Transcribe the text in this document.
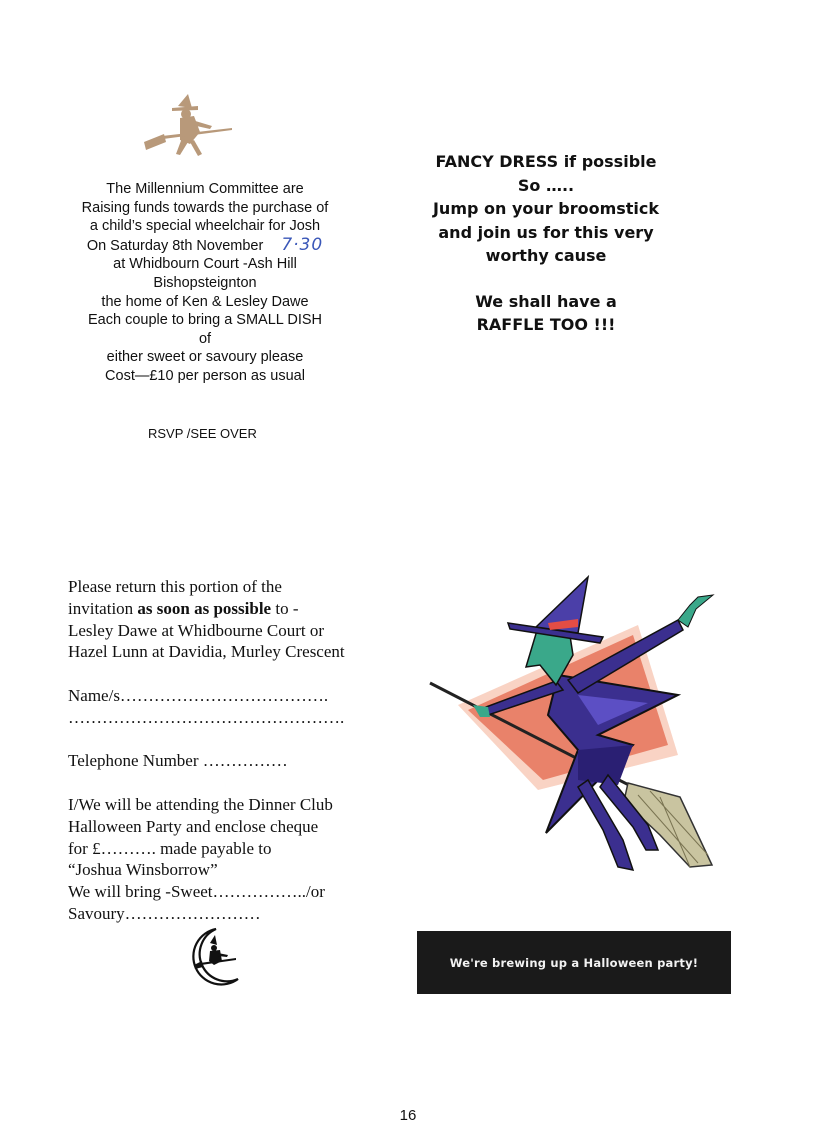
The Millennium Committee are
Raising funds towards the purchase of
a child’s special wheelchair for Josh
On Saturday 8th November 7·30
at Whidbourn Court -Ash Hill
Bishopsteignton
the home of Ken & Lesley Dawe
Each couple to bring a SMALL DISH
of
either sweet or savoury please
Cost—£10 per person as usual
RSVP /SEE OVER
FANCY DRESS if possible
So …..
Jump on your broomstick
and join us for this very
worthy cause
We shall have a
RAFFLE TOO !!!
Please return this portion of the
invitation as soon as possible to -
Lesley Dawe at Whidbourne Court or
Hazel Lunn at Davidia, Murley Crescent
Name/s……………………………….
………………………………………….
Telephone Number ……………
I/We will be attending the Dinner Club
Halloween Party and enclose cheque
for £………. made payable to
“Joshua Winsborrow”
We will bring -Sweet……………../or
Savoury……………………
We're brewing up a Halloween party!
16
